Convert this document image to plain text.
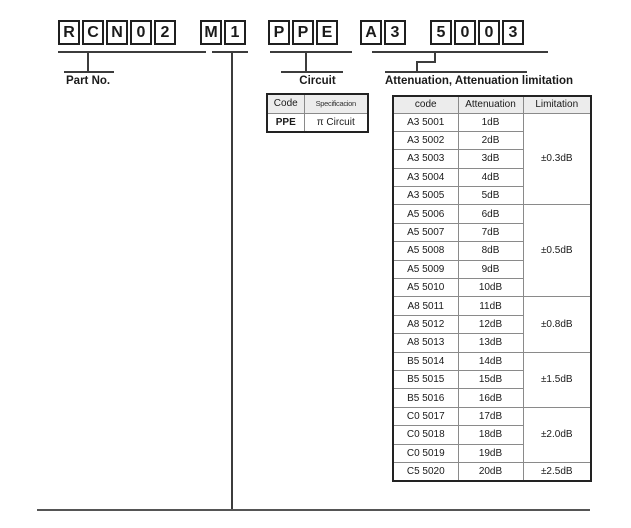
R C N 0 2	M 1	P P E	A 3	5 0 0 3
Part No.	Circuit	Attenuation, Attenuation limitation
Code	Specificacion
PPE	π Circuit
code	Attenuation	Limitation
A3 5001	1dB	±0.3dB
A3 5002	2dB	
A3 5003	3dB	
A3 5004	4dB	
A3 5005	5dB	
A5 5006	6dB	±0.5dB
A5 5007	7dB	
A5 5008	8dB	
A5 5009	9dB	
A5 5010	10dB	
A8 5011	11dB	±0.8dB
A8 5012	12dB	
A8 5013	13dB	
B5 5014	14dB	±1.5dB
B5 5015	15dB	
B5 5016	16dB	
C0 5017	17dB	±2.0dB
C0 5018	18dB	
C0 5019	19dB	
C5 5020	20dB	±2.5dB
